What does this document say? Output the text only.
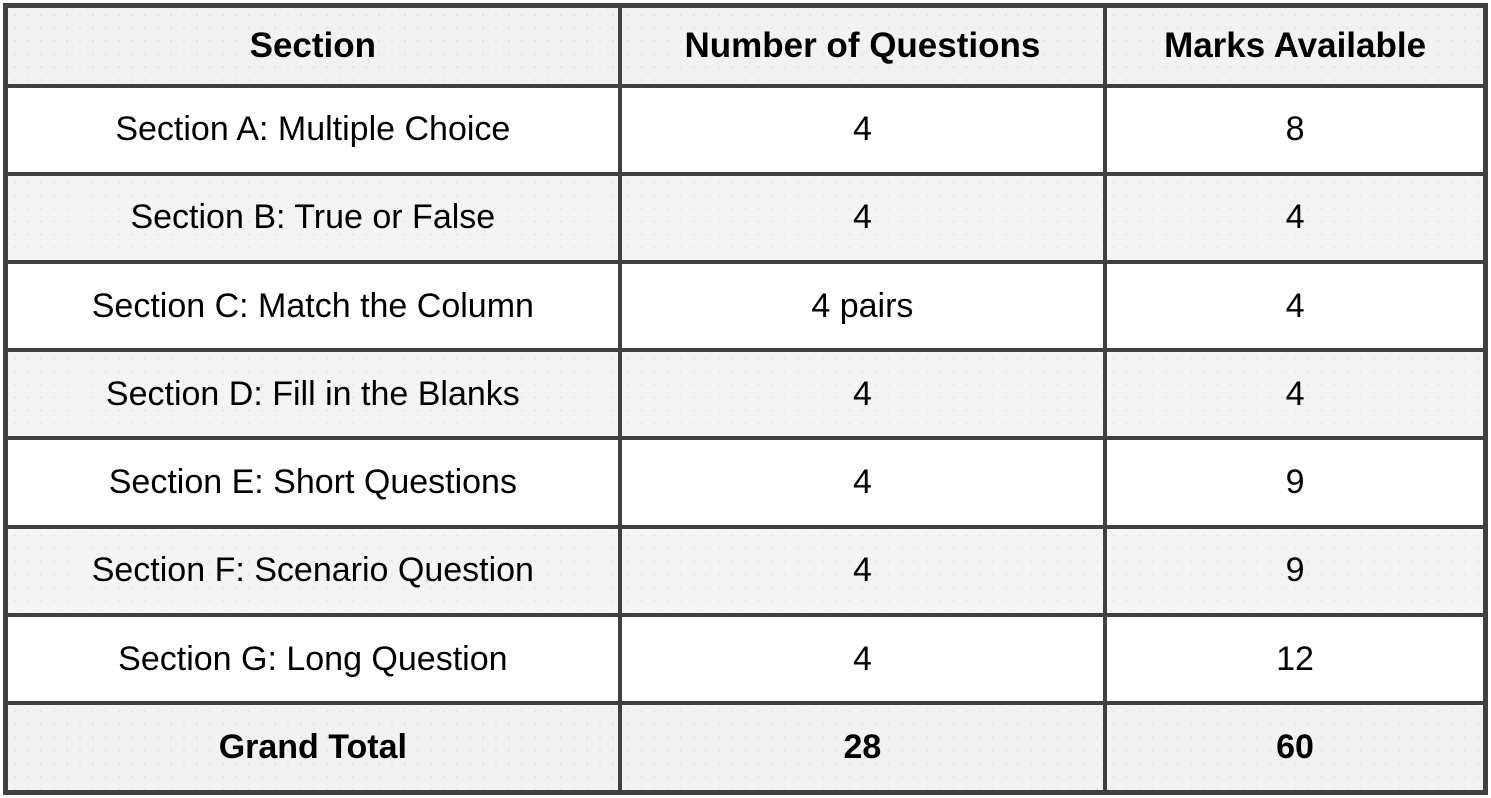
Section	Number of Questions	Marks Available
Section A: Multiple Choice	4	8
Section B: True or False	4	4
Section C: Match the Column	4 pairs	4
Section D: Fill in the Blanks	4	4
Section E: Short Questions	4	9
Section F: Scenario Question	4	9
Section G: Long Question	4	12
Grand Total	28	60
